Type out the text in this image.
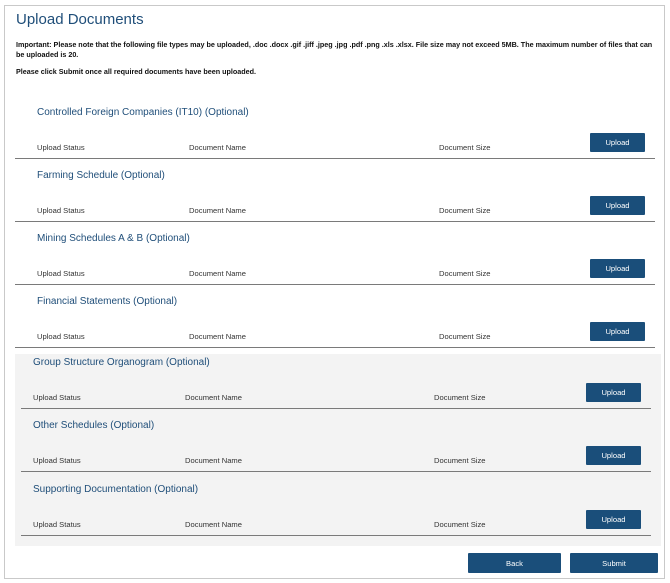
Upload Documents
Important: Please note that the following file types may be uploaded, .doc .docx .gif .jiff .jpeg .jpg .pdf .png .xls .xlsx. File size may not exceed 5MB. The maximum number of files that can be uploaded is 20.
Please click Submit once all required documents have been uploaded.
Controlled Foreign Companies (IT10) (Optional)
Upload Status	Document Name	Document Size
Upload
Farming Schedule (Optional)
Upload Status	Document Name	Document Size
Upload
Mining Schedules A & B (Optional)
Upload Status	Document Name	Document Size
Upload
Financial Statements (Optional)
Upload Status	Document Name	Document Size
Upload
Group Structure Organogram (Optional)
Upload Status	Document Name	Document Size
Upload
Other Schedules (Optional)
Upload Status	Document Name	Document Size
Upload
Supporting Documentation (Optional)
Upload Status	Document Name	Document Size
Upload
Back	Submit
